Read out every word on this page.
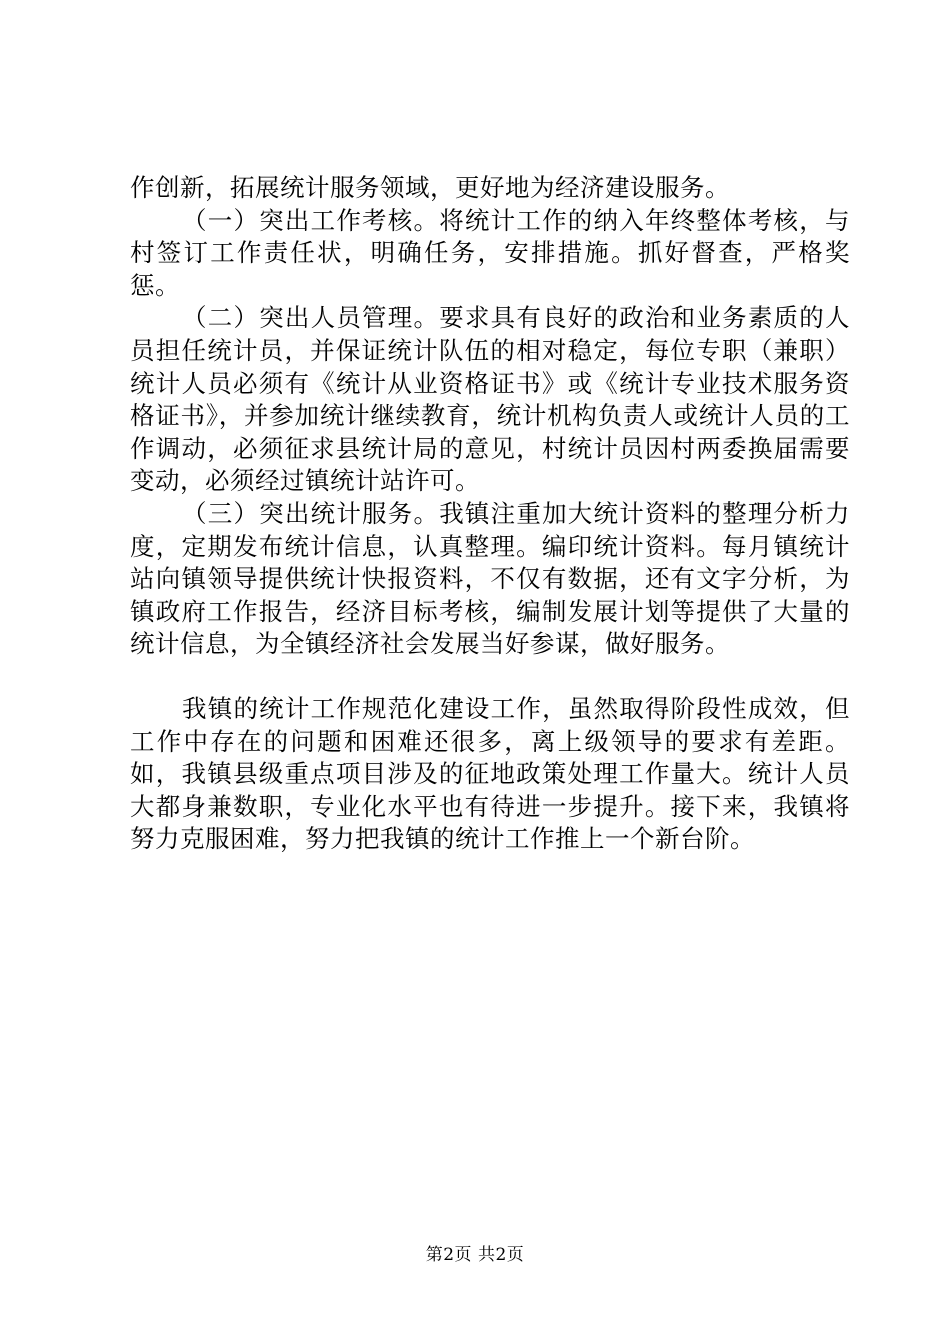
作创新，拓展统计服务领域，更好地为经济建设服务。

（一）突出工作考核。将统计工作的纳入年终整体考核，与村签订工作责任状，明确任务，安排措施。抓好督查，严格奖惩。

（二）突出人员管理。要求具有良好的政治和业务素质的人员担任统计员，并保证统计队伍的相对稳定，每位专职（兼职）统计人员必须有《统计从业资格证书》或《统计专业技术服务资格证书》，并参加统计继续教育，统计机构负责人或统计人员的工作调动，必须征求县统计局的意见，村统计员因村两委换届需要变动，必须经过镇统计站许可。

（三）突出统计服务。我镇注重加大统计资料的整理分析力度，定期发布统计信息，认真整理。编印统计资料。每月镇统计站向镇领导提供统计快报资料，不仅有数据，还有文字分析，为镇政府工作报告，经济目标考核，编制发展计划等提供了大量的统计信息，为全镇经济社会发展当好参谋，做好服务。

我镇的统计工作规范化建设工作，虽然取得阶段性成效，但工作中存在的问题和困难还很多，离上级领导的要求有差距。如，我镇县级重点项目涉及的征地政策处理工作量大。统计人员大都身兼数职，专业化水平也有待进一步提升。接下来，我镇将努力克服困难，努力把我镇的统计工作推上一个新台阶。

第2页 共2页
